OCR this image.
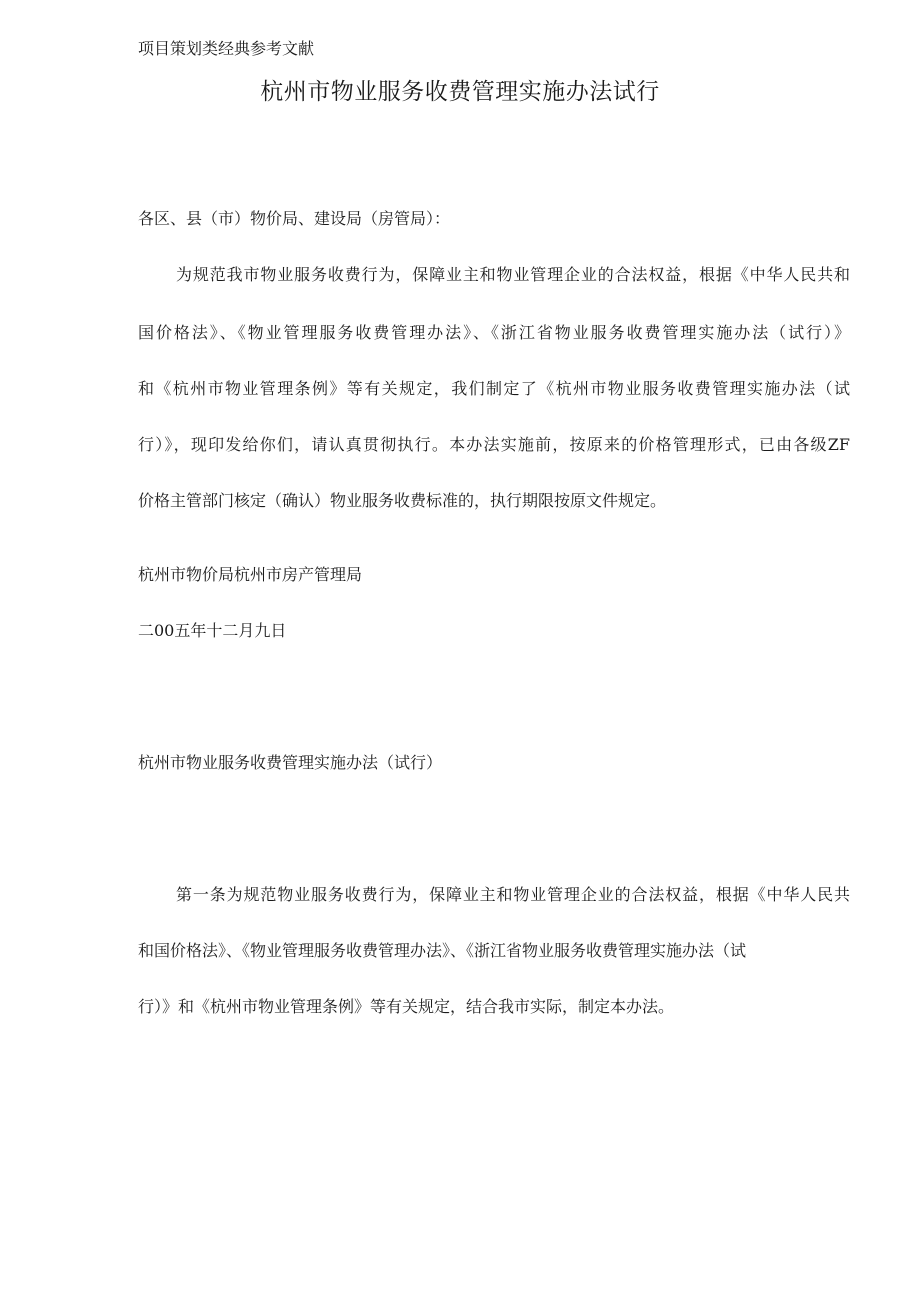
项目策划类经典参考文献
杭州市物业服务收费管理实施办法试行
各区、县（市）物价局、建设局（房管局）：
为规范我市物业服务收费行为，保障业主和物业管理企业的合法权益，根据《中华人民共和
国价格法》、《物业管理服务收费管理办法》、《浙江省物业服务收费管理实施办法（试行）》
和《杭州市物业管理条例》等有关规定，我们制定了《杭州市物业服务收费管理实施办法（试
行）》，现印发给你们，请认真贯彻执行。本办法实施前，按原来的价格管理形式，已由各级ZF
价格主管部门核定（确认）物业服务收费标准的，执行期限按原文件规定。
杭州市物价局杭州市房产管理局
二00五年十二月九日
杭州市物业服务收费管理实施办法（试行）
第一条为规范物业服务收费行为，保障业主和物业管理企业的合法权益，根据《中华人民共
和国价格法》、《物业管理服务收费管理办法》、《浙江省物业服务收费管理实施办法（试
行）》和《杭州市物业管理条例》等有关规定，结合我市实际，制定本办法。
